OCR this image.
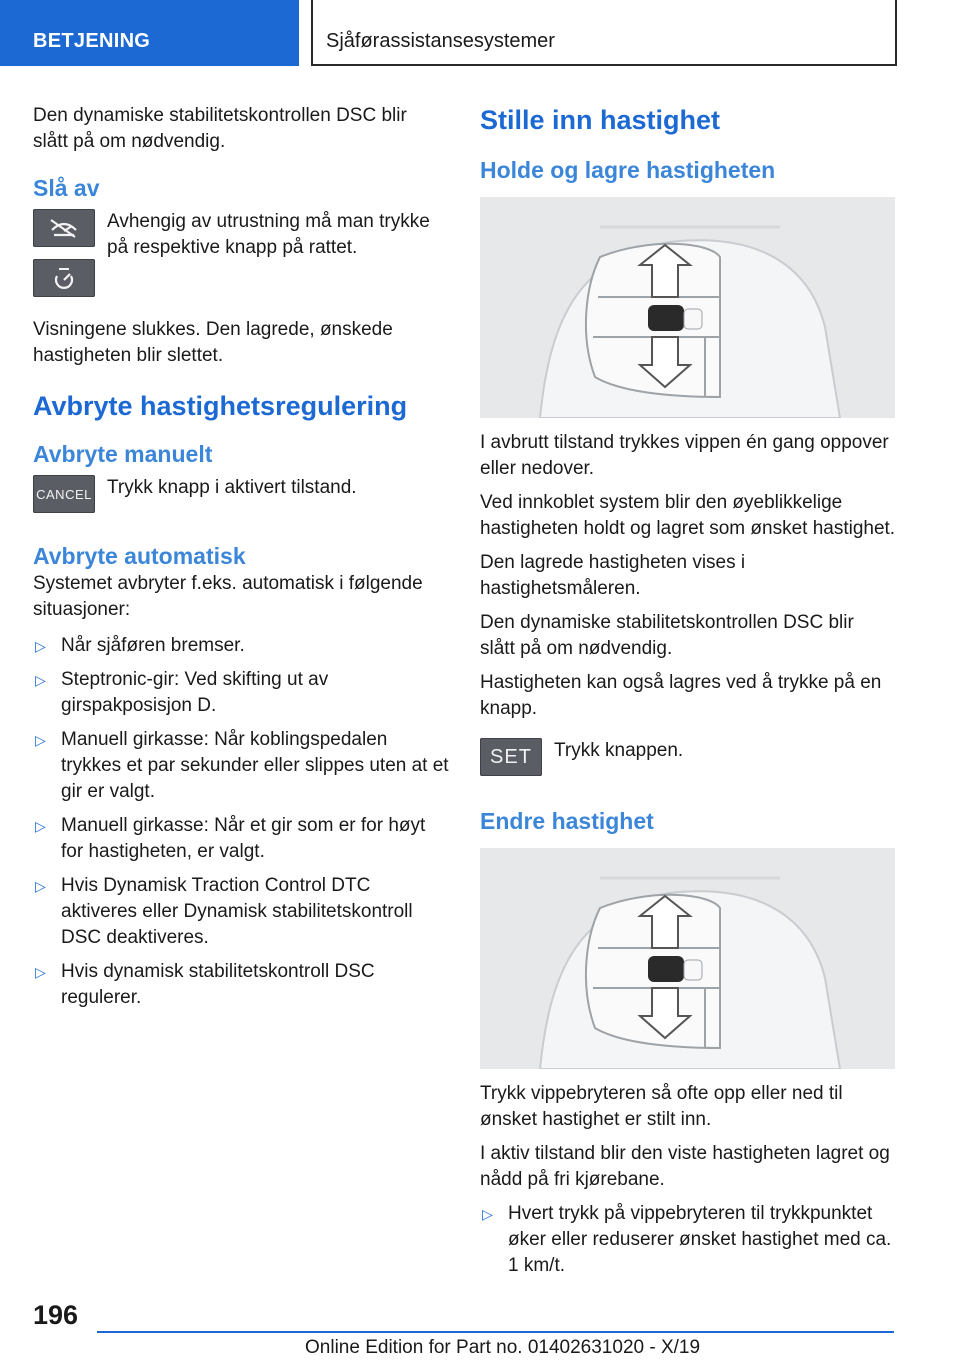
BETJENING	Sjåførassistansesystemer

Den dynamiske stabilitetskontrollen DSC blir slått på om nødvendig.

Slå av
Avhengig av utrustning må man trykke på respektive knapp på rattet.

Visningene slukkes. Den lagrede, ønskede hastigheten blir slettet.

Avbryte hastighetsregulering
Avbryte manuelt
CANCEL Trykk knapp i aktivert tilstand.
Avbryte automatisk

Systemet avbryter f.eks. automatisk i følgende situasjoner:

▷ Når sjåføren bremser.
▷ Steptronic-gir: Ved skifting ut av girspakposisjon D.
▷ Manuell girkasse: Når koblingspedalen trykkes et par sekunder eller slippes uten at et gir er valgt.
▷ Manuell girkasse: Når et gir som er for høyt for hastigheten, er valgt.
▷ Hvis Dynamisk Traction Control DTC aktiveres eller Dynamisk stabilitetskontroll DSC deaktiveres.
▷ Hvis dynamisk stabilitetskontroll DSC regulerer.
Stille inn hastighet
Holde og lagre hastigheten

I avbrutt tilstand trykkes vippen én gang oppover eller nedover.

Ved innkoblet system blir den øyeblikkelige hastigheten holdt og lagret som ønsket hastighet.

Den lagrede hastigheten vises i hastighetsmåleren.

Den dynamiske stabilitetskontrollen DSC blir slått på om nødvendig.

Hastigheten kan også lagres ved å trykke på en knapp.

SET	Trykk knappen.
Endre hastighet

Trykk vippebryteren så ofte opp eller ned til ønsket hastighet er stilt inn.

I aktiv tilstand blir den viste hastigheten lagret og nådd på fri kjørebane.

▷ Hvert trykk på vippebryteren til trykkpunktet øker eller reduserer ønsket hastighet med ca. 1 km/t.
196
Online Edition for Part no. 01402631020 - X/19
